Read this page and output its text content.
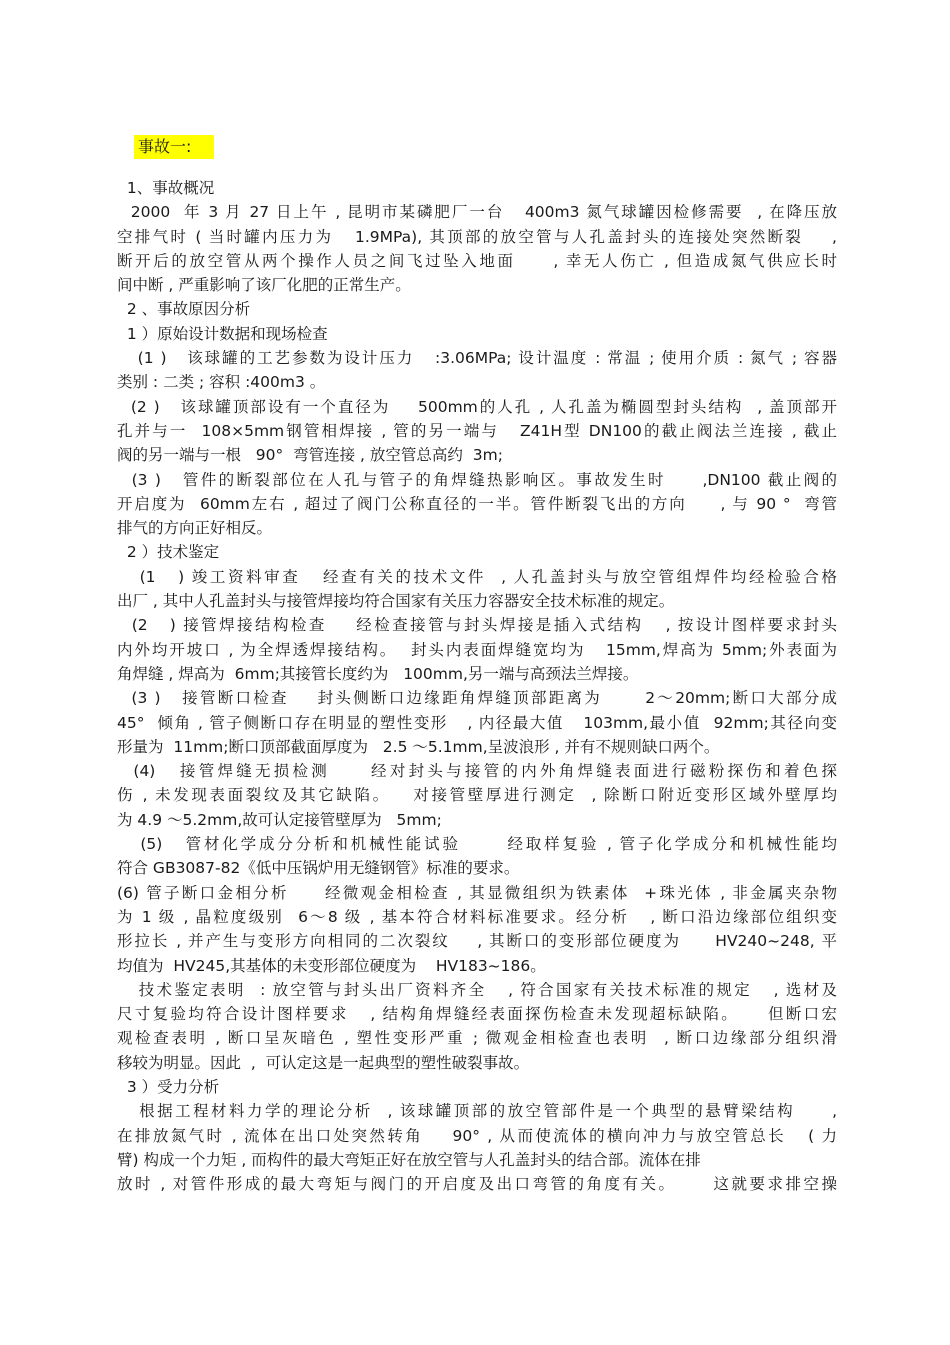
事故一:
1、事故概况
2000  年 3 月 27 日上午 , 昆明市某磷肥厂一台   400m3 氮气球罐因检修需要  , 在降压放
空排气时 ( 当时罐内压力为   1.9MPa), 其顶部的放空管与人孔盖封头的连接处突然断裂    ,
断开后的放空管从两个操作人员之间飞过坠入地面     , 幸无人伤亡 , 但造成氮气供应长时
间中断 , 严重影响了该厂化肥的正常生产。
2 、事故原因分析
1 ）原始设计数据和现场检查
(1 )   该球罐的工艺参数为设计压力   :3.06MPa; 设计温度 : 常温 ; 使用介质 : 氮气 ; 容器
类别 : 二类 ; 容积 :400m3 。
(2 )   该球罐顶部设有一个直径为    500mm的人孔 , 人孔盖为椭圆型封头结构  , 盖顶部开
孔并与一  108×5mm钢管相焊接 , 管的另一端与   Z41H型 DN100的截止阀法兰连接 , 截止
阀的另一端与一根   90°  弯管连接 , 放空管总高约  3m;
(3 )   管件的断裂部位在人孔与管子的角焊缝热影响区。事故发生时     ,DN100 截止阀的
开启度为  60mm左右 , 超过了阀门公称直径的一半。管件断裂飞出的方向     , 与 90 °  弯管
排气的方向正好相反。
2 ）技术鉴定
(1   ) 竣工资料审查   经查有关的技术文件  , 人孔盖封头与放空管组焊件均经检验合格
出厂 , 其中人孔盖封头与接管焊接均符合国家有关压力容器安全技术标准的规定。
(2   ) 接管焊接结构检查    经检查接管与封头焊接是插入式结构   , 按设计图样要求封头
内外均开坡口 , 为全焊透焊接结构。  封头内表面焊缝宽均为   15mm,焊高为 5mm;外表面为
角焊缝 , 焊高为  6mm;其接管长度约为   100mm,另一端与高颈法兰焊接。
(3 )   接管断口检查    封头侧断口边缘距角焊缝顶部距离为      2～20mm;断口大部分成
45°  倾角 , 管子侧断口存在明显的塑性变形   , 内径最大值   103mm,最小值  92mm;其径向变
形量为  11mm;断口顶部截面厚度为   2.5 ～5.1mm,呈波浪形 , 并有不规则缺口两个。
(4)   接管焊缝无损检测     经对封头与接管的内外角焊缝表面进行磁粉探伤和着色探
伤 , 未发现表面裂纹及其它缺陷。   对接管壁厚进行测定  , 除断口附近变形区域外壁厚均
为 4.9 ～5.2mm,故可认定接管壁厚为   5mm;
(5)   管材化学成分分析和机械性能试验      经取样复验 , 管子化学成分和机械性能均
符合 GB3087-82《低中压锅炉用无缝钢管》标准的要求。
(6) 管子断口金相分析     经微观金相检查 , 其显微组织为铁素体  +珠光体 , 非金属夹杂物
为 1 级 , 晶粒度级别  6～8 级 , 基本符合材料标准要求。经分析   , 断口沿边缘部位组织变
形拉长 , 并产生与变形方向相同的二次裂纹    , 其断口的变形部位硬度为     HV240~248, 平
均值为  HV245,其基体的未变形部位硬度为    HV183~186。
技术鉴定表明  : 放空管与封头出厂资料齐全   , 符合国家有关技术标准的规定   , 选材及
尺寸复验均符合设计图样要求   , 结构角焊缝经表面探伤检查未发现超标缺陷。    但断口宏
观检查表明 , 断口呈灰暗色 , 塑性变形严重 ; 微观金相检查也表明  , 断口边缘部分组织滑
移较为明显。因此  ,  可认定这是一起典型的塑性破裂事故。
3 ）受力分析
根据工程材料力学的理论分析  , 该球罐顶部的放空管部件是一个典型的悬臂梁结构     ,
在排放氮气时 , 流体在出口处突然转角    90° , 从而使流体的横向冲力与放空管总长   ( 力
臂) 构成一个力矩 , 而构件的最大弯矩正好在放空管与人孔盖封头的结合部。流体在排
放时 , 对管件形成的最大弯矩与阀门的开启度及出口弯管的角度有关。     这就要求排空操
